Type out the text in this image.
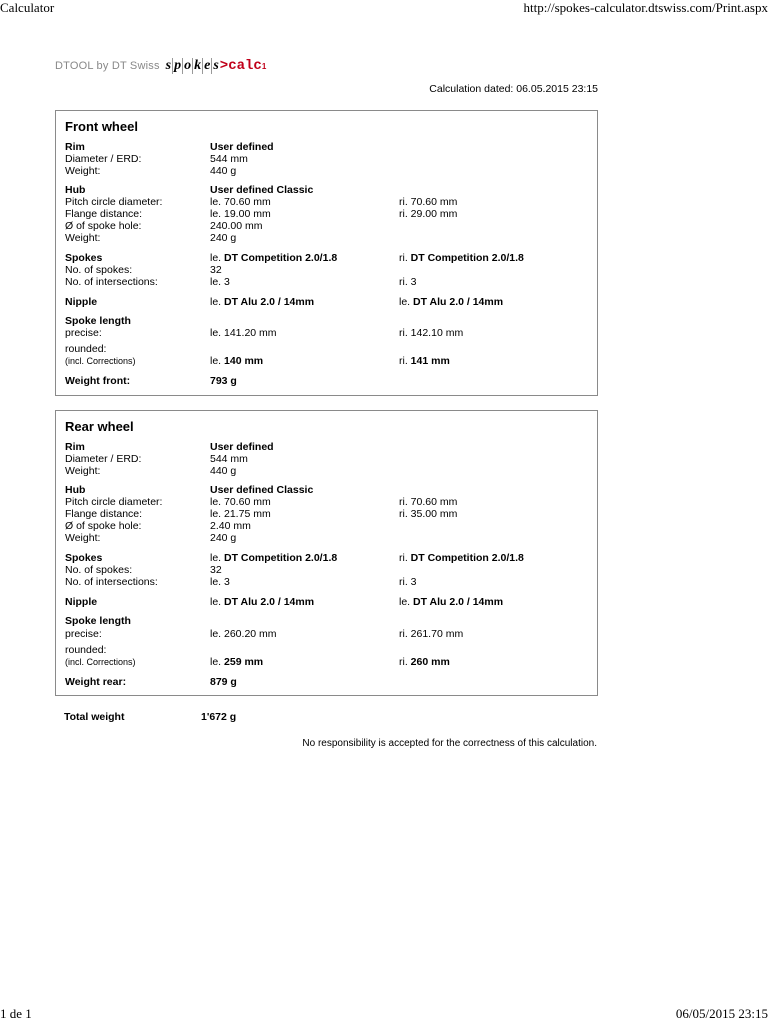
Calculator	http://spokes-calculator.dtswiss.com/Print.aspx
DTOOL by DT Swiss s p o k e s >calc 1
Calculation dated: 06.05.2015 23:15
Front wheel
Rim	User defined
Diameter / ERD:	544 mm
Weight:	440 g
Hub	User defined Classic
Pitch circle diameter:	le. 70.60 mm	ri. 70.60 mm
Flange distance:	le. 19.00 mm	ri. 29.00 mm
Ø of spoke hole:	240.00 mm
Weight:	240 g
Spokes	le. DT Competition 2.0/1.8	ri. DT Competition 2.0/1.8
No. of spokes:	32
No. of intersections:	le. 3	ri. 3
Nipple	le. DT Alu 2.0 / 14mm	le. DT Alu 2.0 / 14mm
Spoke length
precise:	le. 141.20 mm	ri. 142.10 mm
rounded:
(incl. Corrections)	le. 140 mm	ri. 141 mm
Weight front:	793 g
Rear wheel
Rim	User defined
Diameter / ERD:	544 mm
Weight:	440 g
Hub	User defined Classic
Pitch circle diameter:	le. 70.60 mm	ri. 70.60 mm
Flange distance:	le. 21.75 mm	ri. 35.00 mm
Ø of spoke hole:	2.40 mm
Weight:	240 g
Spokes	le. DT Competition 2.0/1.8	ri. DT Competition 2.0/1.8
No. of spokes:	32
No. of intersections:	le. 3	ri. 3
Nipple	le. DT Alu 2.0 / 14mm	le. DT Alu 2.0 / 14mm
Spoke length
precise:	le. 260.20 mm	ri. 261.70 mm
rounded:
(incl. Corrections)	le. 259 mm	ri. 260 mm
Weight rear:	879 g
Total weight	1'672 g
No responsibility is accepted for the correctness of this calculation.
1 de 1	06/05/2015 23:15
